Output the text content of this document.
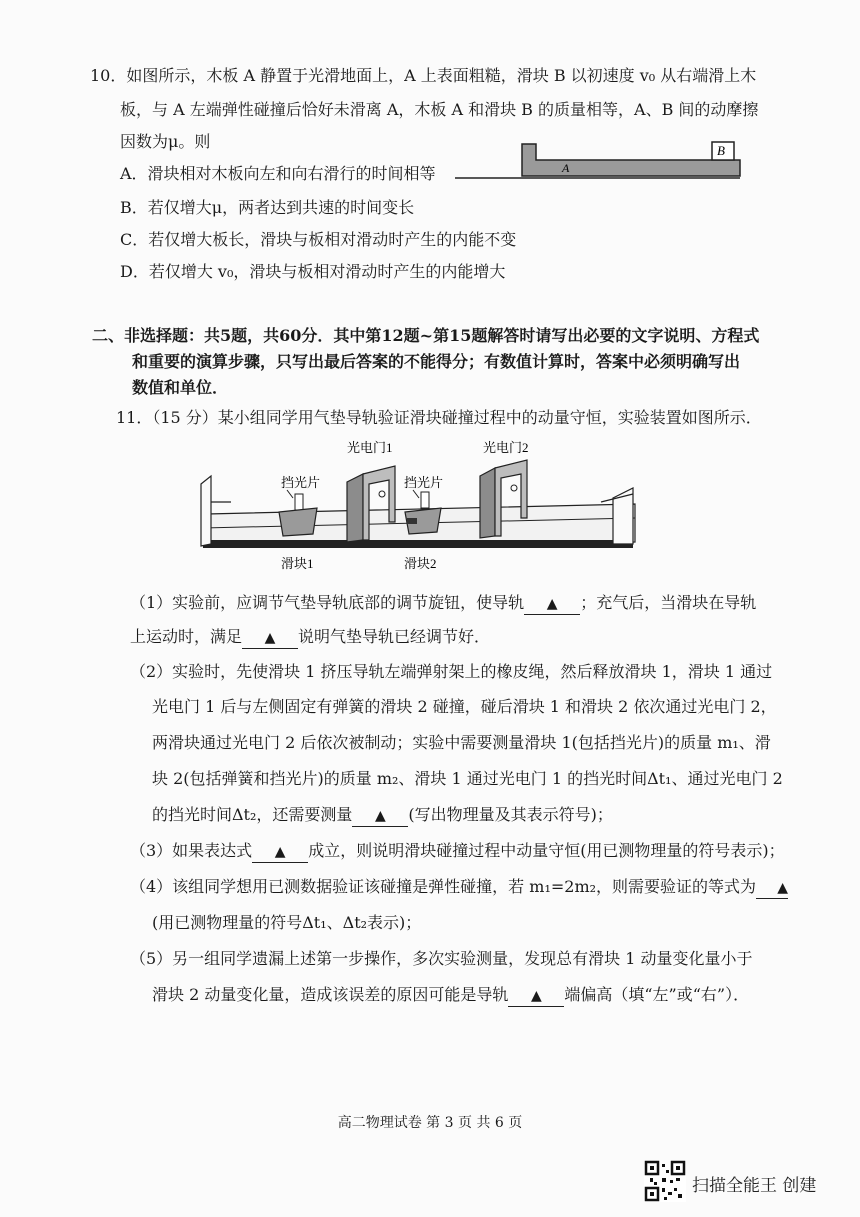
10．如图所示，木板 A 静置于光滑地面上，A 上表面粗糙，滑块 B 以初速度 v₀ 从右端滑上木
板，与 A 左端弹性碰撞后恰好未滑离 A，木板 A 和滑块 B 的质量相等，A、B 间的动摩擦
因数为μ。则
A．滑块相对木板向左和向右滑行的时间相等
B．若仅增大μ，两者达到共速的时间变长
C．若仅增大板长，滑块与板相对滑动时产生的内能不变
D．若仅增大 v₀，滑块与板相对滑动时产生的内能增大
A
B
二、非选择题：共5题，共60分．其中第12题~第15题解答时请写出必要的文字说明、方程式
和重要的演算步骤，只写出最后答案的不能得分；有数值计算时，答案中必须明确写出
数值和单位．
11．（15 分）某小组同学用气垫导轨验证滑块碰撞过程中的动量守恒，实验装置如图所示．
光电门1	光电门2
挡光片	挡光片
滑块1	滑块2
（1）实验前，应调节气垫导轨底部的调节旋钮，使导轨 ▲ ；充气后，当滑块在导轨
上运动时，满足 ▲ 说明气垫导轨已经调节好．
（2）实验时，先使滑块 1 挤压导轨左端弹射架上的橡皮绳，然后释放滑块 1，滑块 1 通过
光电门 1 后与左侧固定有弹簧的滑块 2 碰撞，碰后滑块 1 和滑块 2 依次通过光电门 2，
两滑块通过光电门 2 后依次被制动；实验中需要测量滑块 1(包括挡光片)的质量 m₁、滑
块 2(包括弹簧和挡光片)的质量 m₂、滑块 1 通过光电门 1 的挡光时间Δt₁、通过光电门 2
的挡光时间Δt₂，还需要测量 ▲ (写出物理量及其表示符号)；
（3）如果表达式 ▲ 成立，则说明滑块碰撞过程中动量守恒(用已测物理量的符号表示)；
（4）该组同学想用已测数据验证该碰撞是弹性碰撞，若 m₁=2m₂，则需要验证的等式为 ▲
(用已测物理量的符号Δt₁、Δt₂表示)；
（5）另一组同学遗漏上述第一步操作，多次实验测量，发现总有滑块 1 动量变化量小于
滑块 2 动量变化量，造成该误差的原因可能是导轨 ▲ 端偏高（填“左”或“右”）．
高二物理试卷 第 3 页 共 6 页
扫描全能王 创建
